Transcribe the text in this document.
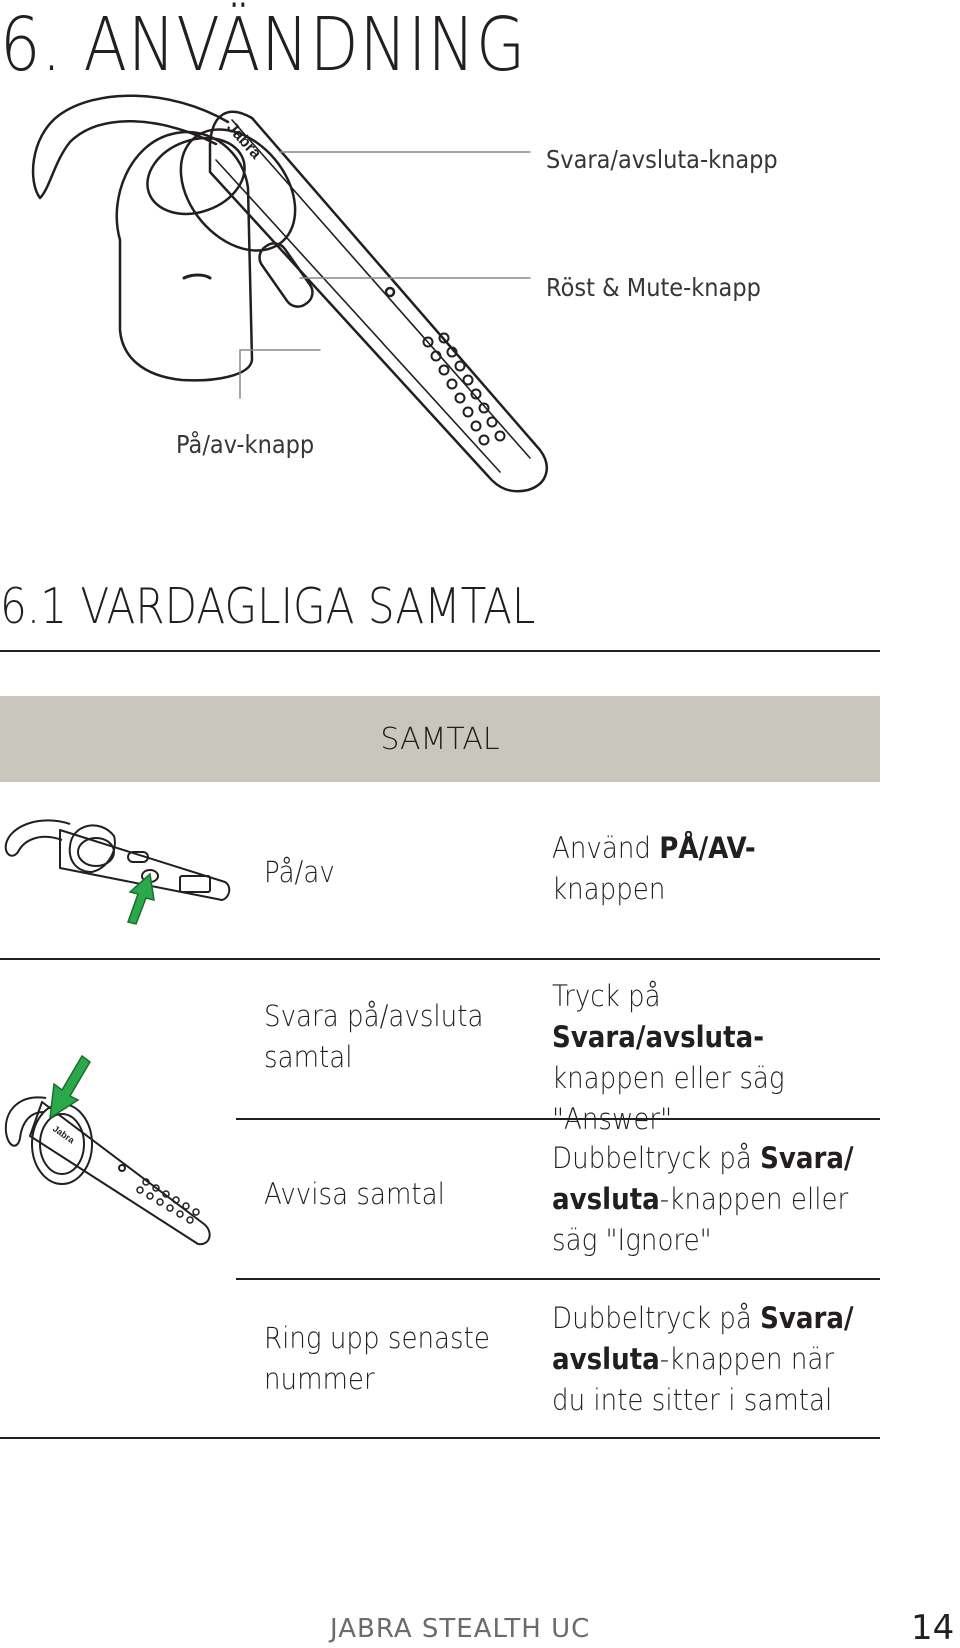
6. ANVÄNDNING
Jabra	Svara/avsluta-knapp
Röst & Mute-knapp
På/av-knapp
6.1 VARDAGLIGA SAMTAL
SAMTAL
Jabra
På/av
Använd PÅ/AV-
knappen
Svara på/avsluta samtal
Tryck på Svara/avsluta-
knappen eller säg "Answer"
Avvisa samtal
Dubbeltryck på Svara/ avsluta-knappen eller säg "Ignore"
Ring upp senaste nummer
Dubbeltryck på Svara/ avsluta-knappen när du inte sitter i samtal
JABRA STEALTH UC	14
